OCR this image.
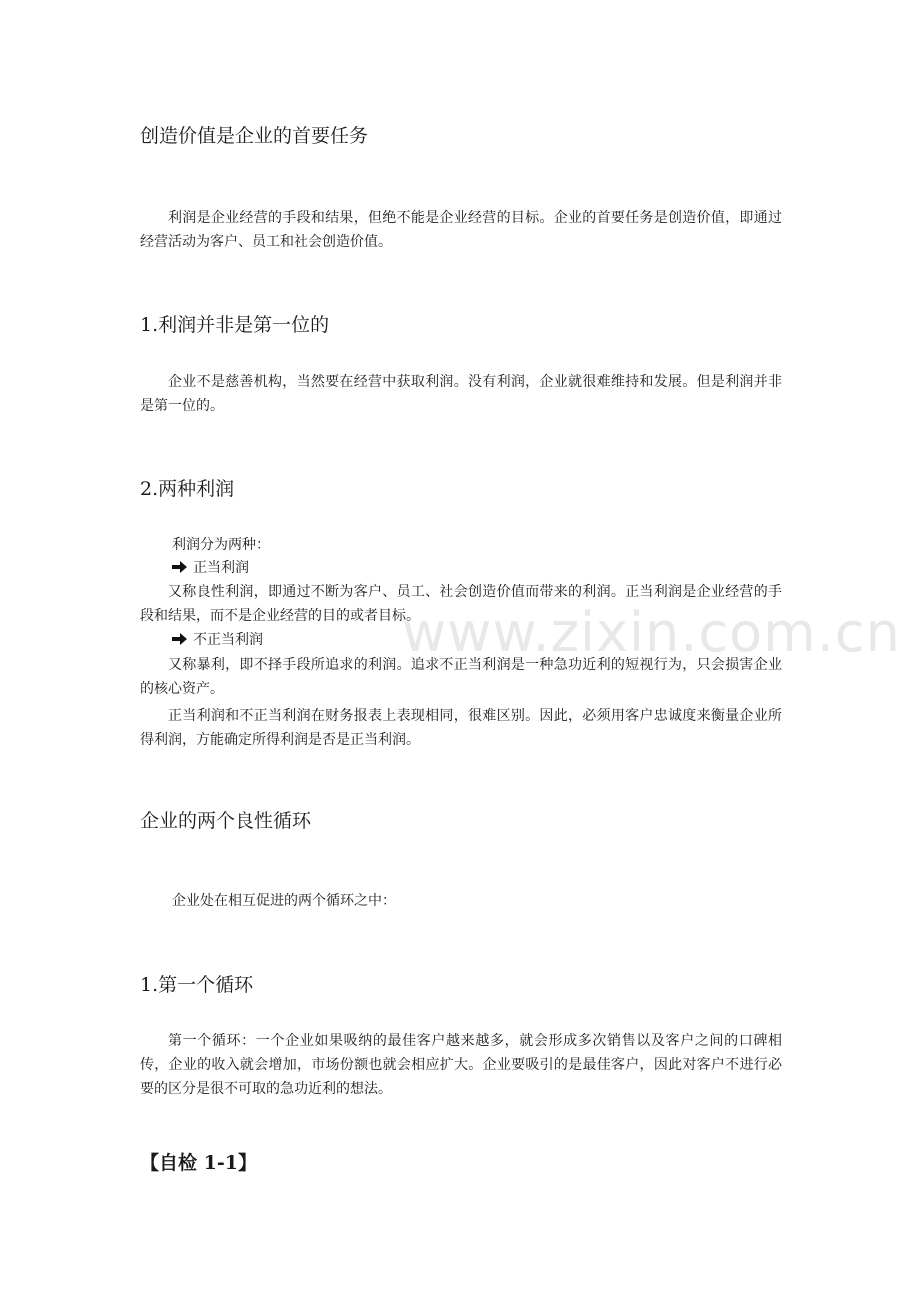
创造价值是企业的首要任务

利润是企业经营的手段和结果，但绝不能是企业经营的目标。企业的首要任务是创造价值，即通过经营活动为客户、员工和社会创造价值。

1.利润并非是第一位的

企业不是慈善机构，当然要在经营中获取利润。没有利润，企业就很难维持和发展。但是利润并非是第一位的。

2.两种利润

利润分为两种：

正当利润

又称良性利润，即通过不断为客户、员工、社会创造价值而带来的利润。正当利润是企业经营的手段和结果，而不是企业经营的目的或者目标。

不正当利润

又称暴利，即不择手段所追求的利润。追求不正当利润是一种急功近利的短视行为，只会损害企业的核心资产。

正当利润和不正当利润在财务报表上表现相同，很难区别。因此，必须用客户忠诚度来衡量企业所得利润，方能确定所得利润是否是正当利润。

企业的两个良性循环

企业处在相互促进的两个循环之中：

1.第一个循环

第一个循环：一个企业如果吸纳的最佳客户越来越多，就会形成多次销售以及客户之间的口碑相传，企业的收入就会增加，市场份额也就会相应扩大。企业要吸引的是最佳客户，因此对客户不进行必要的区分是很不可取的急功近利的想法。

【自检 1-1】
www.zixin.com.cn
